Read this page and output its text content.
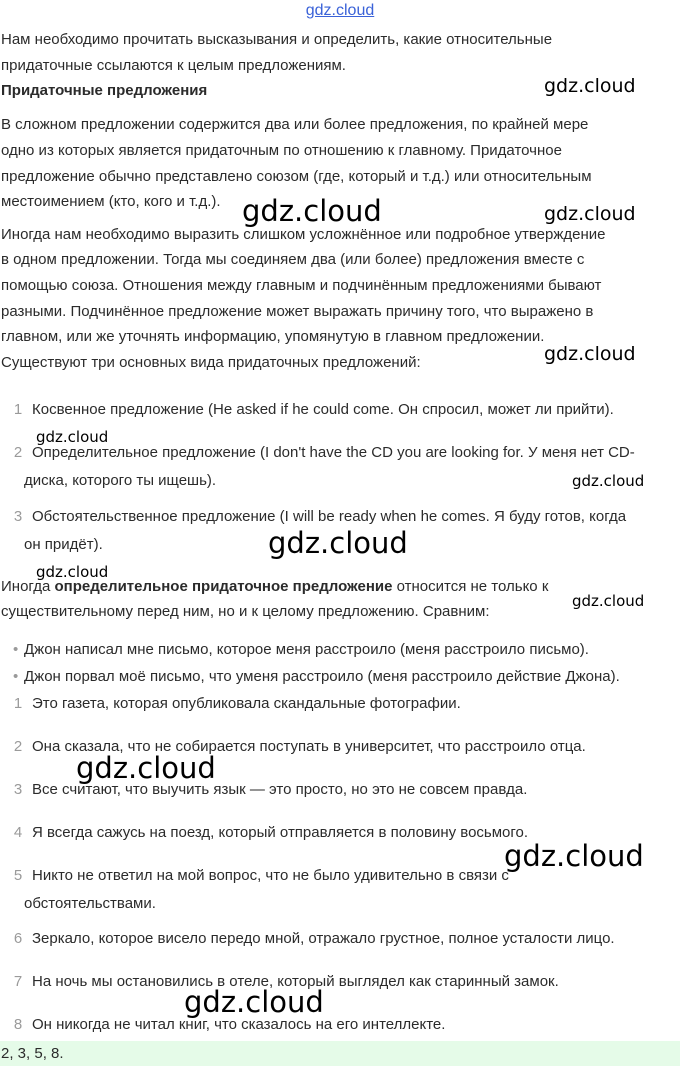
gdz.cloud

Нам необходимо прочитать высказывания и определить, какие относительные

придаточные ссылаются к целым предложениям.

Придаточные предложения

В сложном предложении содержится два или более предложения, по крайней мере

одно из которых является придаточным по отношению к главному. Придаточное

предложение обычно представлено союзом (где, который и т.д.) или относительным

местоимением (кто, кого и т.д.).

Иногда нам необходимо выразить слишком усложнённое или подробное утверждение

в одном предложении. Тогда мы соединяем два (или более) предложения вместе с

помощью союза. Отношения между главным и подчинённым предложениями бывают

разными. Подчинённое предложение может выражать причину того, что выражено в

главном, или же уточнять информацию, упомянутую в главном предложении.

Существуют три основных вида придаточных предложений:

1 Косвенное предложение (He asked if he could come. Он спросил, может ли прийти).
2 Определительное предложение (I don't have the CD you are looking for. У меня нет CD-
диска, которого ты ищешь).
3 Обстоятельственное предложение (I will be ready when he comes. Я буду готов, когда
он придёт).

Иногда определительное придаточное предложение относится не только к

существительному перед ним, но и к целому предложению. Сравним:

• Джон написал мне письмо, которое меня расстроило (меня расстроило письмо).
• Джон порвал моё письмо, что уменя расстроило (меня расстроило действие Джона).
1 Это газета, которая опубликовала скандальные фотографии.
2 Она сказала, что не собирается поступать в университет, что расстроило отца.
3 Все считают, что выучить язык — это просто, но это не совсем правда.
4 Я всегда сажусь на поезд, который отправляется в половину восьмого.
5 Никто не ответил на мой вопрос, что не было удивительно в связи с
обстоятельствами.
6 Зеркало, которое висело передо мной, отражало грустное, полное усталости лицо.
7 На ночь мы остановились в отеле, который выглядел как старинный замок.
8 Он никогда не читал книг, что сказалось на его интеллекте.
2, 3, 5, 8.
gdz.cloud
gdz.cloud	gdz.cloud
gdz.cloud
gdz.cloud
gdz.cloud
gdz.cloud
gdz.cloud
gdz.cloud
gdz.cloud
gdz.cloud
gdz.cloud
